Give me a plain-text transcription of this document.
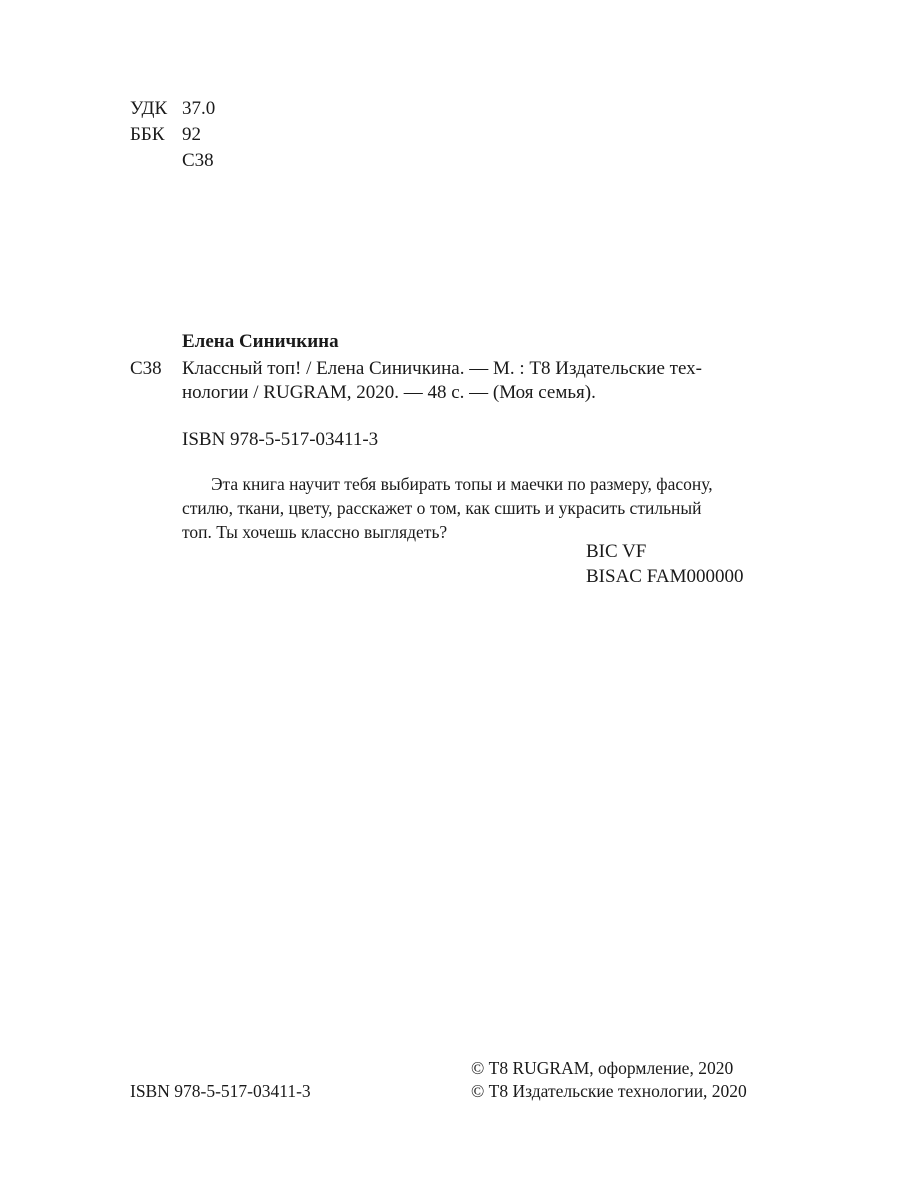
УДК 37.0
ББК 92
С38
Елена Синичкина
С38 Классный топ! / Елена Синичкина. — М. : Т8 Издательские тех-
нологии / RUGRAM, 2020. — 48 с. — (Моя семья).
ISBN 978-5-517-03411-3
Эта книга научит тебя выбирать топы и маечки по размеру, фасону,
стилю, ткани, цвету, расскажет о том, как сшить и украсить стильный
топ. Ты хочешь классно выглядеть?
BIC VF
BISAC FAM000000
© Т8 RUGRAM, оформление, 2020
© Т8 Издательские технологии, 2020
ISBN 978-5-517-03411-3
